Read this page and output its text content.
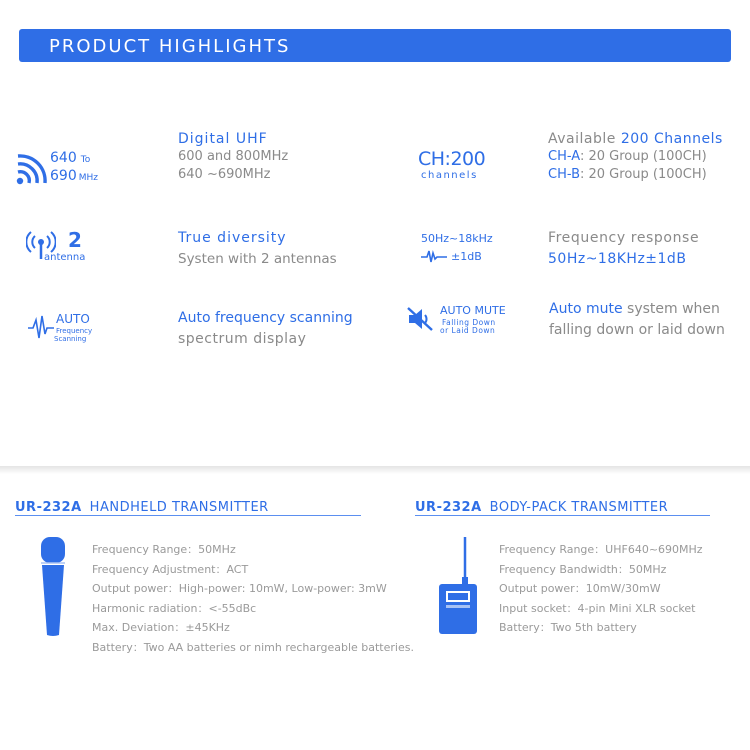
PRODUCT HIGHLIGHTS
640 To
690 MHz
Digital UHF
600 and 800MHz
640 ~690MHz
CH:200
channels
Available 200 Channels
CH-A: 20 Group (100CH)
CH-B: 20 Group (100CH)
2
antenna
True diversity
Systen with 2 antennas
50Hz~18kHz
±1dB
Frequency response
50Hz~18KHz±1dB
AUTO
Frequency
Scanning
Auto frequency scanning
spectrum display
AUTO MUTE
Falling Down
or Laid Down
Auto mute system when
falling down or laid down
UR-232A HANDHELD TRANSMITTER
Frequency Range：50MHz
Frequency Adjustment：ACT
Output power：High-power: 10mW, Low-power: 3mW
Harmonic radiation：<-55dBc
Max. Deviation：±45KHz
Battery：Two AA batteries or nimh rechargeable batteries.
UR-232A BODY-PACK TRANSMITTER
Frequency Range：UHF640~690MHz
Frequency Bandwidth：50MHz
Output power：10mW/30mW
Input socket：4-pin Mini XLR socket
Battery：Two 5th battery
